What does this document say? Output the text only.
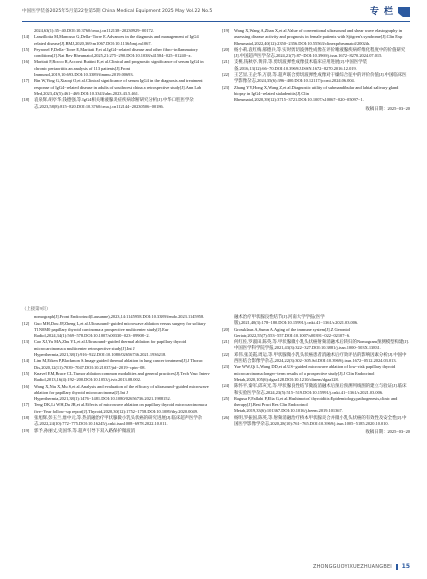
中国医学装备2025年5月第22卷第5期 China Medical Equipment 2025 May Vol.22 No.5	专 栏
2024,63(1):35−40.DOI:10.3760/cma.j.cn112138−20230929−00172.
[14] Lanzillotta M,Mancuso G,Della−Torre E.Advances in the diagnosis and management of IgG4 related disease[J].BMJ,2020,369:m1067.DOI:10.1136/bmj.m1067.
[15] Peyronel F,Della−Torre E,Maritati F,et al.IgG4−related disease and other fibro−inflammatory conditions[J].Nat Rev Rheumatol,2025,21:275−290.DOI:10.1038/s41584−025−01240−x.
[16] Maritati F,Rocco R,Accorsi Buttini E,et al.Clinical and prognostic significance of serum IgG4 in chronic periaortitis an analysis of 113 patients[J].Front Immunol,2019,10:693.DOI:10.3389/fimmu.2019.00693.
[17] Bin W,Ying G,Xiaoqi O,et al.Clinical significance of serum IgG4 in the diagnosis and treatment response of IgG4−related disease in adults of southwest china a retrospective study[J].Ann Lab Med,2023,43(5):461−469.DOI:10.3343/alm.2023.43.5.461.
[18] 袁泉辉,胡亭华,钱德强,等.IgG4相关唾液腺炎症疾病诊断研究分析[J].中华口腔医学杂志,2023,58(8):815−820.DOI:10.3760/cma.j.cn112144−20230506−00186.
[19] Wang X,Wang A,Zhan X,et al.Value of conventional ultrasound and shear wave elastography in assessing disease activity and prognosis in female patients with Sjögren's syndrome[J].Clin Exp Rheumatol,2022,40(12):2350−2356.DOI:10.55563/clinexprheumatol/2002ih.
[20] 杨小莉,袁红梅,郝德兵,等.实时剪切波弹性成像在评价唾液腺疾病纤维化程度中的价值研究[J].中国超声医学杂志,2024,21(7):87−DOI:10.3969/j.issn.1672−8270.2024.07.015.
[21] 支桃,钱秋亭,黄萍,等.剪切波弹性成像技术临床应用进展[J].中国医学装备,2016,13(12):66−70.DOI:10.3969/J.ISSN.1672−8270.2016.12.019.
[22] 王艺显,王企华,万晨,等.超声联合剪切波弹性成像对干燥综合征中的评价价值[J].中国临床医学影像杂志,2024,35(6):396−400.DOI:10.12117/jccmi.2024.06.004.
[23] Zhang YY,Hong X,Wang Z,et al.Diagnostic utility of submandibular and labial salivary gland biopsy in IgG4−related sialadenitis[J].Clin Rheumatol,2020,39(12):3715−3721.DOI:10.1007/s10067−020−05097−1.
收稿日期：2025−03−20
（上接第9页）
nomograph[J].Front Endocrinol(Lausanne),2023,14:1145958.DOI:10.3389/fendo.2023.1145958.
[12] Guo MH,Dou JP,Zheng L,et al.Ultrasound−guided microwave ablation versus surgery for solitary T1N0M0 papillary thyroid carcinoma:a prospective multicenter study[J].Eur Radiol,2024,34(1):569−578.DOI:10.1007/s00330−023−09908−2.
[13] Cao XJ,Yu MA,Zhu YL,et al.Ultrasound−guided thermal ablation for papillary thyroid microcarcinoma:a multicenter retrospective study[J].Int J Hyperthermia,2021,38(1):916−922.DOI:10.1080/02656736.2021.1936218.
[14] Lim M,Eiken P,Blackmon S.Image guided thermal ablation in lung cancer treatment[J].J Thorac Dis,2020,12(11):7039−7047.DOI:10.21037/jtd−2019−cptn−08.
[15] Knavel EM,Brace CL.Tumor ablation:common modalities and general practices[J].Tech Vasc Interv Radiol,2013,16(4):192−200.DOI:10.1053/j.tvir.2013.08.002.
[16] Wang X,Niu X,Mu S,et al.Analysis and evaluation of the efficacy of ultrasound−guided microwave ablation for papillary thyroid microcarcinoma[J].Int J Hyperthermia,2021,38(1):1476−1481.DOI:10.1080/02656736.2021.1988152.
[17] Teng DK,Li WH,Du JR,et al.Effects of microwave ablation on papillary thyroid microcarcinoma:a five−Year follow−up report[J].Thyroid,2020,30(12):1752−1758.DOI:10.1089/thy.2020.0049.
[18] 张旭辉,彭玉兰,詹中元,等.热消融治疗甲状腺微小乳头状癌的研究进展[J].临床超声医学杂志,2022,24(10):772−775.DOI:10.16245/j.cnki.issn1008−6978.2022.10.011.
[19] 郭予,孙丽丈,史国华,等.超声引导下双入路保护微波消
融术治疗甲状腺良性结节[J].河南大学学报(医学版),2021,40(3):178−180.DOI:10.15991/j.cnki.41−1361/r.2021.03.006.
[20] Grossklaus A,Sumn A.Aging of the immune system[J].Z Gerontol Geriatr,2022,55(7):553−557.DOI:10.1007/s00391−022−02107−6.
[21] 何红佐,罗淑田,陈英,等.甲状腺微小乳头状癌射频消融术后转归的Nomogram预测模型构建[J].中国医学科学院学报,2021,43(3):322−327.DOI:10.3881/j.issn.1000−503X.13831.
[22] 邓伟,张美霞,周运,等.甲状腺微小乳头状癌患者消融术后疗效评估的影响因素分析[J].中国中西医结合影像学杂志,2024,22(3):302−305.Sd.DOI:10.3969/j.issn.1672−0512.2024.03.013.
[23] Yue WW,Qi L,Wang DD,et al.US−guided microwave ablation of low−risk papillary thyroid microcarcinoma:longer−term results of a prospective study[J].J Clin Endocrinol Metab,2020,105(6):dgaa128.DOI:10.1210/clinem/dgaa128.
[24] 陈怀平,秦军,邱亥光,等.甲状腺良性结节微波消融术后预后预测列线图的建立与验证[J].临床和实验医学杂志,2024,23(5):515−519.DOI:10.15991/j.cnki.41−1361/r.2021.03.006.
[25] Ragusa F,Fallahi P,Elia G,et al.Hashimotos' thyroiditis:Epidemiology,pathogenesis,clinic and therapy[J].Best Pract Res Clin Endocrinol Metab,2019,33(6):101367.DOI:10.1016/j.beem.2019.101367.
[26] 杨明,罗振国,陈英,等.射频消融治疗桥本甲状腺炎合并微小乳头状癌的有效性及安全性[J].中国医学影像学杂志,2020,28(10):761−765.DOI:10.3969/j.issn.1005−5185.2020.10.010.
收稿日期：2025−03−20
ZHONGGUOYIXUEZHUANGBEI 15
